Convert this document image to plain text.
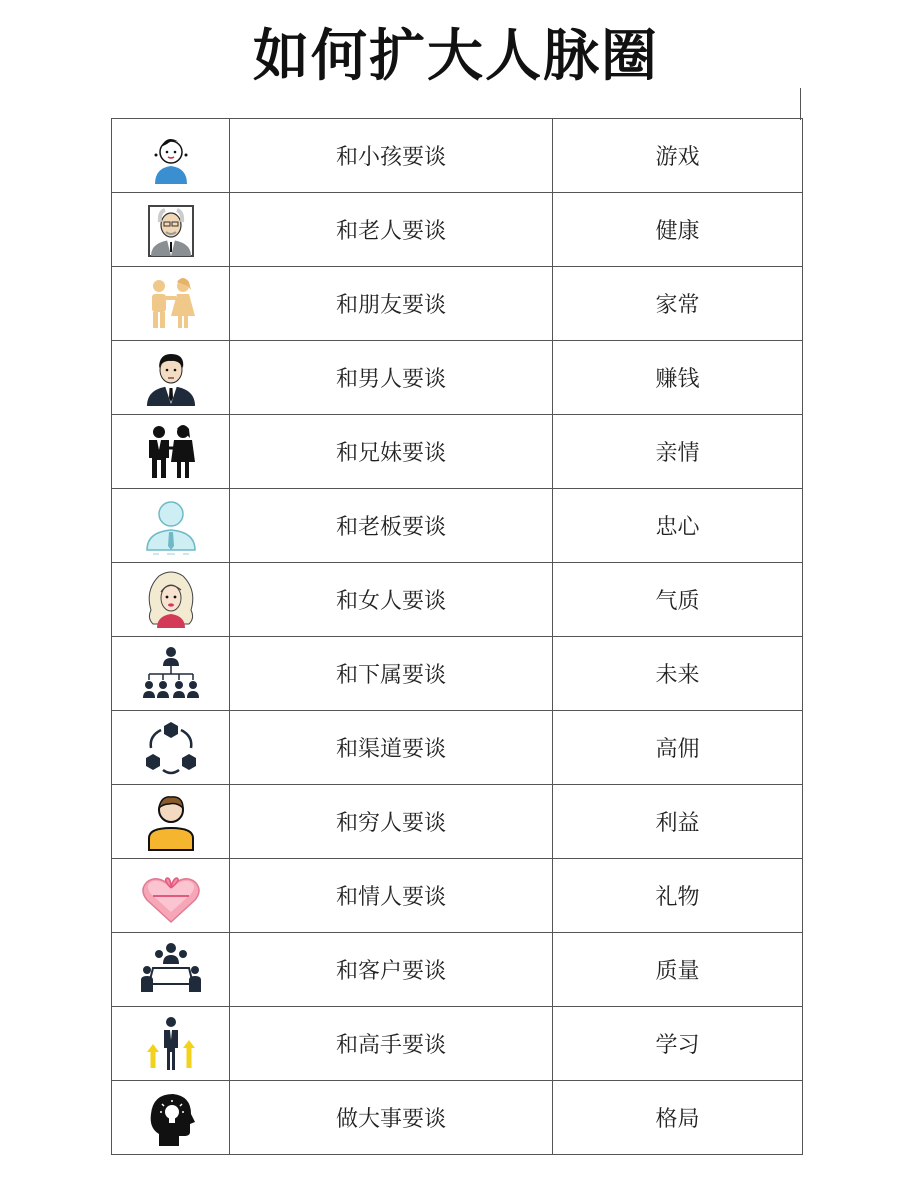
如何扩大人脉圈
	和小孩要谈	游戏

	和老人要谈	健康

	和朋友要谈	家常

	和男人要谈	赚钱

	和兄妹要谈	亲情

	和老板要谈	忠心

	和女人要谈	气质

	和下属要谈	未来

	和渠道要谈	高佣

	和穷人要谈	利益

	和情人要谈	礼物

	和客户要谈	质量

	和高手要谈	学习

	做大事要谈	格局
